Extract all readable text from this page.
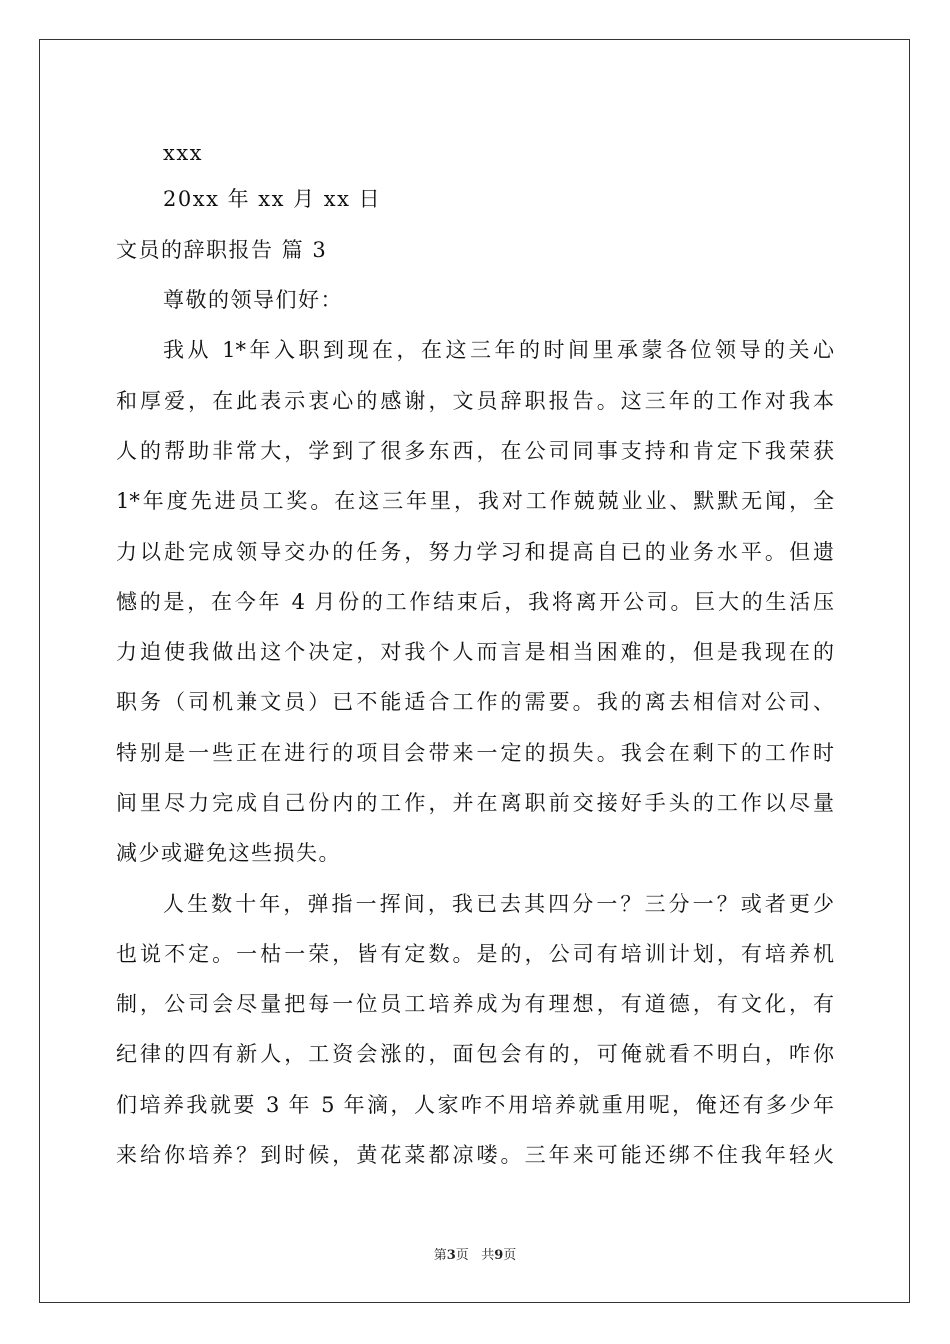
xxx
20xx 年 xx 月 xx 日
文员的辞职报告 篇 3
尊敬的领导们好：
我从 1*年入职到现在，在这三年的时间里承蒙各位领导的关心
和厚爱，在此表示衷心的感谢，文员辞职报告。这三年的工作对我本
人的帮助非常大，学到了很多东西，在公司同事支持和肯定下我荣获
1*年度先进员工奖。在这三年里，我对工作兢兢业业、默默无闻，全
力以赴完成领导交办的任务，努力学习和提高自已的业务水平。但遗
憾的是，在今年 4 月份的工作结束后，我将离开公司。巨大的生活压
力迫使我做出这个决定，对我个人而言是相当困难的，但是我现在的
职务（司机兼文员）已不能适合工作的需要。我的离去相信对公司、
特别是一些正在进行的项目会带来一定的损失。我会在剩下的工作时
间里尽力完成自己份内的工作，并在离职前交接好手头的工作以尽量
减少或避免这些损失。
人生数十年，弹指一挥间，我已去其四分一？三分一？或者更少
也说不定。一枯一荣，皆有定数。是的，公司有培训计划，有培养机
制，公司会尽量把每一位员工培养成为有理想，有道德，有文化，有
纪律的四有新人，工资会涨的，面包会有的，可俺就看不明白，咋你
们培养我就要 3 年 5 年滴，人家咋不用培养就重用呢，俺还有多少年
来给你培养？到时候，黄花菜都凉喽。三年来可能还绑不住我年轻火
第3页 共9页
